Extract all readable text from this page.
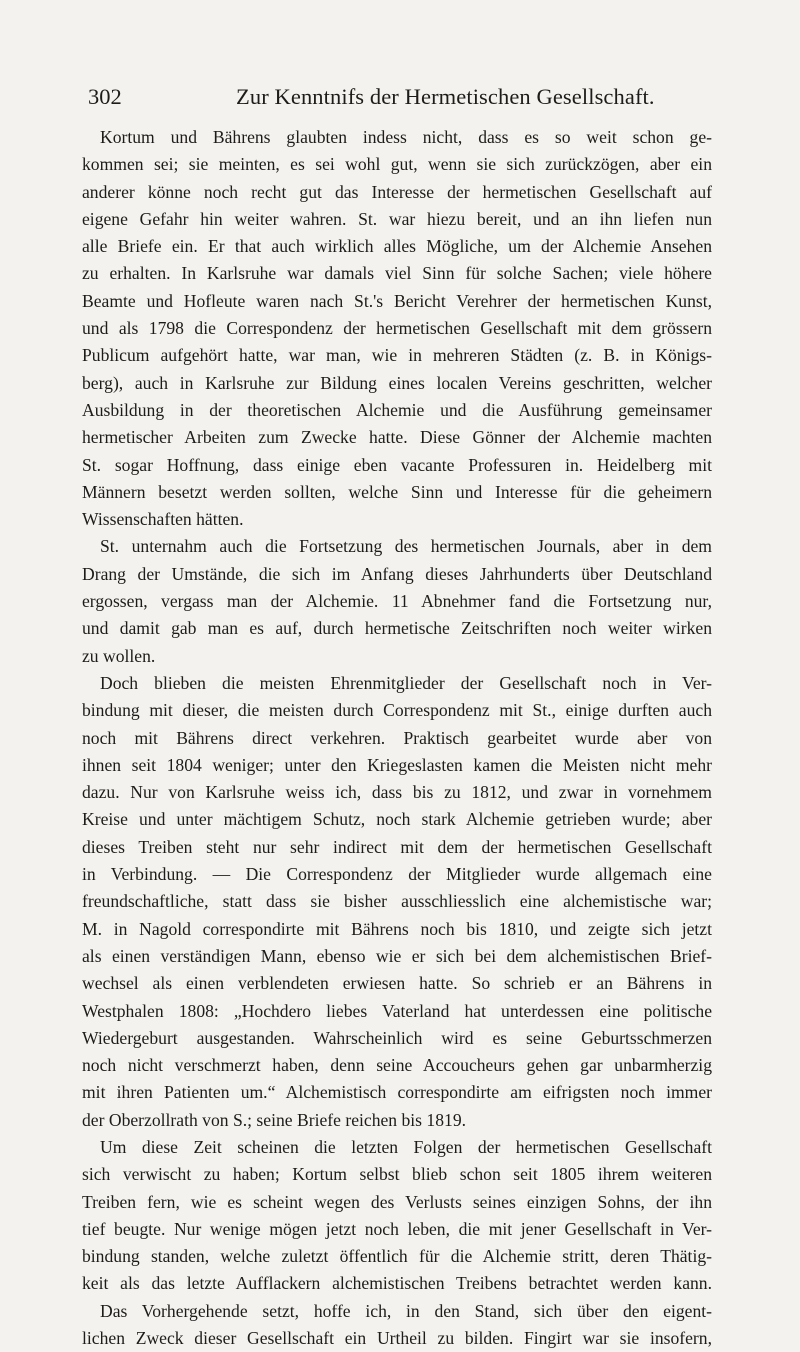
302	Zur Kenntnifs der Hermetischen Gesellschaft.
Kortum und Bährens glaubten indess nicht, dass es so weit schon ge-
kommen sei; sie meinten, es sei wohl gut, wenn sie sich zurückzögen, aber ein
anderer könne noch recht gut das Interesse der hermetischen Gesellschaft auf
eigene Gefahr hin weiter wahren. St. war hiezu bereit, und an ihn liefen nun
alle Briefe ein. Er that auch wirklich alles Mögliche, um der Alchemie Ansehen
zu erhalten. In Karlsruhe war damals viel Sinn für solche Sachen; viele höhere
Beamte und Hofleute waren nach St.'s Bericht Verehrer der hermetischen Kunst,
und als 1798 die Correspondenz der hermetischen Gesellschaft mit dem grössern
Publicum aufgehört hatte, war man, wie in mehreren Städten (z. B. in Königs-
berg), auch in Karlsruhe zur Bildung eines localen Vereins geschritten, welcher
Ausbildung in der theoretischen Alchemie und die Ausführung gemeinsamer
hermetischer Arbeiten zum Zwecke hatte. Diese Gönner der Alchemie machten
St. sogar Hoffnung, dass einige eben vacante Professuren in. Heidelberg mit
Männern besetzt werden sollten, welche Sinn und Interesse für die geheimern
Wissenschaften hätten.
St. unternahm auch die Fortsetzung des hermetischen Journals, aber in dem
Drang der Umstände, die sich im Anfang dieses Jahrhunderts über Deutschland
ergossen, vergass man der Alchemie. 11 Abnehmer fand die Fortsetzung nur,
und damit gab man es auf, durch hermetische Zeitschriften noch weiter wirken
zu wollen.
Doch blieben die meisten Ehrenmitglieder der Gesellschaft noch in Ver-
bindung mit dieser, die meisten durch Correspondenz mit St., einige durften auch
noch mit Bährens direct verkehren. Praktisch gearbeitet wurde aber von
ihnen seit 1804 weniger; unter den Kriegeslasten kamen die Meisten nicht mehr
dazu. Nur von Karlsruhe weiss ich, dass bis zu 1812, und zwar in vornehmem
Kreise und unter mächtigem Schutz, noch stark Alchemie getrieben wurde; aber
dieses Treiben steht nur sehr indirect mit dem der hermetischen Gesellschaft
in Verbindung. — Die Correspondenz der Mitglieder wurde allgemach eine
freundschaftliche, statt dass sie bisher ausschliesslich eine alchemistische war;
M. in Nagold correspondirte mit Bährens noch bis 1810, und zeigte sich jetzt
als einen verständigen Mann, ebenso wie er sich bei dem alchemistischen Brief-
wechsel als einen verblendeten erwiesen hatte. So schrieb er an Bährens in
Westphalen 1808: „Hochdero liebes Vaterland hat unterdessen eine politische
Wiedergeburt ausgestanden. Wahrscheinlich wird es seine Geburtsschmerzen
noch nicht verschmerzt haben, denn seine Accoucheurs gehen gar unbarmherzig
mit ihren Patienten um.“ Alchemistisch correspondirte am eifrigsten noch immer
der Oberzollrath von S.; seine Briefe reichen bis 1819.
Um diese Zeit scheinen die letzten Folgen der hermetischen Gesellschaft
sich verwischt zu haben; Kortum selbst blieb schon seit 1805 ihrem weiteren
Treiben fern, wie es scheint wegen des Verlusts seines einzigen Sohns, der ihn
tief beugte. Nur wenige mögen jetzt noch leben, die mit jener Gesellschaft in Ver-
bindung standen, welche zuletzt öffentlich für die Alchemie stritt, deren Thätig-
keit als das letzte Aufflackern alchemistischen Treibens betrachtet werden kann.
Das Vorhergehende setzt, hoffe ich, in den Stand, sich über den eigent-
lichen Zweck dieser Gesellschaft ein Urtheil zu bilden. Fingirt war sie insofern,
